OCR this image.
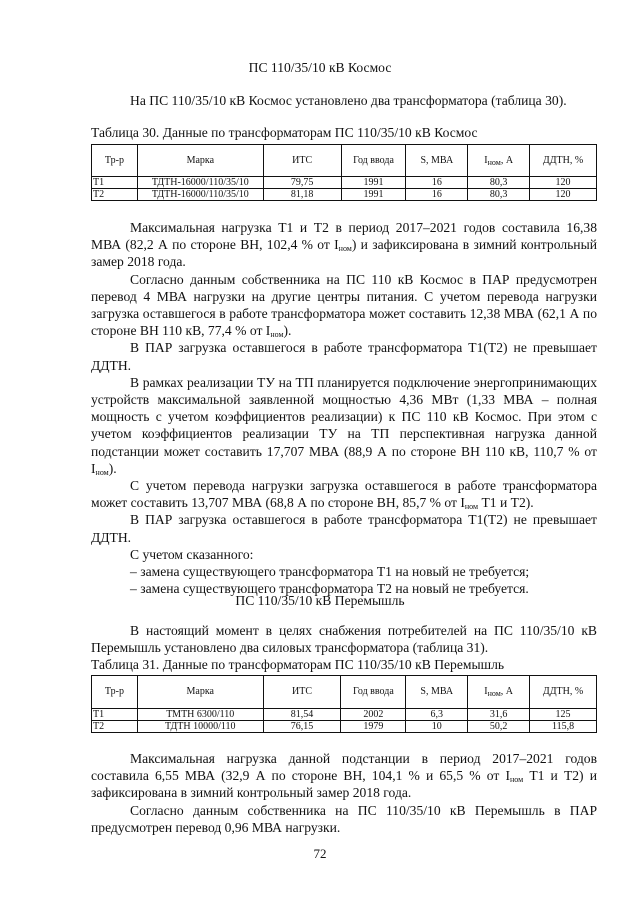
ПС 110/35/10 кВ Космос

На ПС 110/35/10 кВ Космос установлено два трансформатора (таблица 30).

Таблица 30. Данные по трансформаторам ПС 110/35/10 кВ Космос
Тр-р	Марка	ИТС	Год ввода	S, МВА	$I_{ном}$, А	ДДТН, %
Т1	ТДТН-16000/110/35/10	79,75	1991	16	80,3	120
Т2	ТДТН-16000/110/35/10	81,18	1991	16	80,3	120

Максимальная нагрузка Т1 и Т2 в период 2017–2021 годов составила 16,38 МВА (82,2 А по стороне ВН, 102,4 % от $I_{ном}$) и зафиксирована в зимний контрольный замер 2018 года.

Согласно данным собственника на ПС 110 кВ Космос в ПАР предусмотрен перевод 4 МВА нагрузки на другие центры питания. С учетом перевода нагрузки загрузка оставшегося в работе трансформатора может составить 12,38 МВА (62,1 А по стороне ВН 110 кВ, 77,4 % от $I_{ном}$).

В ПАР загрузка оставшегося в работе трансформатора Т1(Т2) не превышает ДДТН.

В рамках реализации ТУ на ТП планируется подключение энергопринимающих устройств максимальной заявленной мощностью 4,36 МВт (1,33 МВА – полная мощность с учетом коэффициентов реализации) к ПС 110 кВ Космос. При этом с учетом коэффициентов реализации ТУ на ТП перспективная нагрузка данной подстанции может составить 17,707 МВА (88,9 А по стороне ВН 110 кВ, 110,7 % от $I_{ном}$).

С учетом перевода нагрузки загрузка оставшегося в работе трансформатора может составить 13,707 МВА (68,8 А по стороне ВН, 85,7 % от $I_{ном}$ Т1 и Т2).

В ПАР загрузка оставшегося в работе трансформатора Т1(Т2) не превышает ДДТН.

С учетом сказанного:

– замена существующего трансформатора Т1 на новый не требуется;

– замена существующего трансформатора Т2 на новый не требуется.

ПС 110/35/10 кВ Перемышль

В настоящий момент в целях снабжения потребителей на ПС 110/35/10 кВ Перемышль установлено два силовых трансформатора (таблица 31).

Таблица 31. Данные по трансформаторам ПС 110/35/10 кВ Перемышль
Тр-р	Марка	ИТС	Год ввода	S, МВА	$I_{ном}$, А	ДДТН, %
Т1	ТМТН 6300/110	81,54	2002	6,3	31,6	125
Т2	ТДТН 10000/110	76,15	1979	10	50,2	115,8

Максимальная нагрузка данной подстанции в период 2017–2021 годов составила 6,55 МВА (32,9 А по стороне ВН, 104,1 % и 65,5 % от $I_{ном}$ Т1 и Т2) и зафиксирована в зимний контрольный замер 2018 года.

Согласно данным собственника на ПС 110/35/10 кВ Перемышль в ПАР предусмотрен перевод 0,96 МВА нагрузки.

72
